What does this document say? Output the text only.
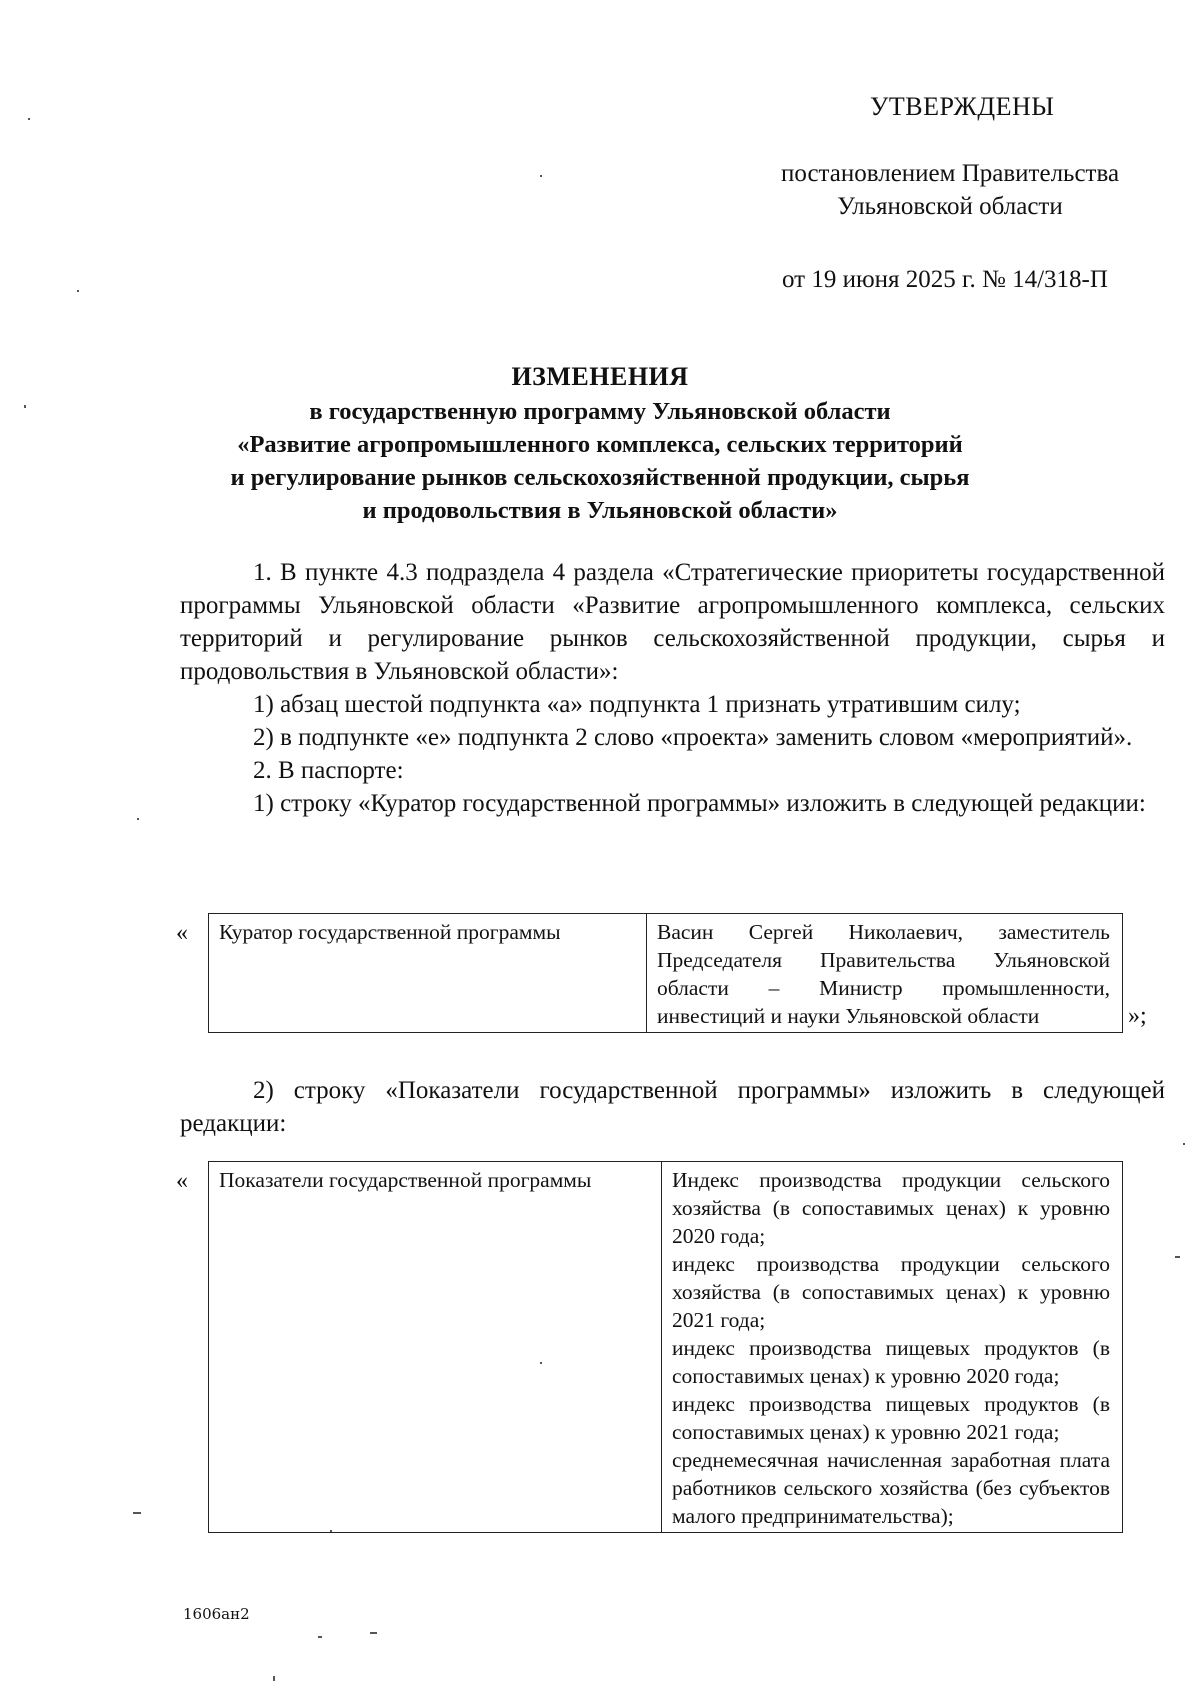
УТВЕРЖДЕНЫ
постановлением Правительства
Ульяновской области
от 19 июня 2025 г. № 14/318-П
ИЗМЕНЕНИЯ
в государственную программу Ульяновской области
«Развитие агропромышленного комплекса, сельских территорий
и регулирование рынков сельскохозяйственной продукции, сырья
и продовольствия в Ульяновской области»

1. В пункте 4.3 подраздела 4 раздела «Стратегические приоритеты государственной программы Ульяновской области «Развитие агропромышленного комплекса, сельских территорий и регулирование рынков сельскохозяйственной продукции, сырья и продовольствия в Ульяновской области»:

1) абзац шестой подпункта «а» подпункта 1 признать утратившим силу;

2) в подпункте «е» подпункта 2 слово «проекта» заменить словом «мероприятий».

2. В паспорте:

1) строку «Куратор государственной программы» изложить в следующей редакции:

« Куратор государственной программы	Васин Сергей Николаевич, заместитель Председателя Правительства Ульяновской области – Министр промышленности, инвестиций и науки Ульяновской области	»;

2) строку «Показатели государственной программы» изложить в следующей редакции:

« Показатели государственной программы	Индекс производства продукции сельского хозяйства (в сопоставимых ценах) к уровню 2020 года;
индекс производства продукции сельского хозяйства (в сопоставимых ценах) к уровню 2021 года;
индекс производства пищевых продуктов (в сопоставимых ценах) к уровню 2020 года;
индекс производства пищевых продуктов (в сопоставимых ценах) к уровню 2021 года;
среднемесячная начисленная заработная плата работников сельского хозяйства (без субъектов малого предпринимательства);
1606ан2
